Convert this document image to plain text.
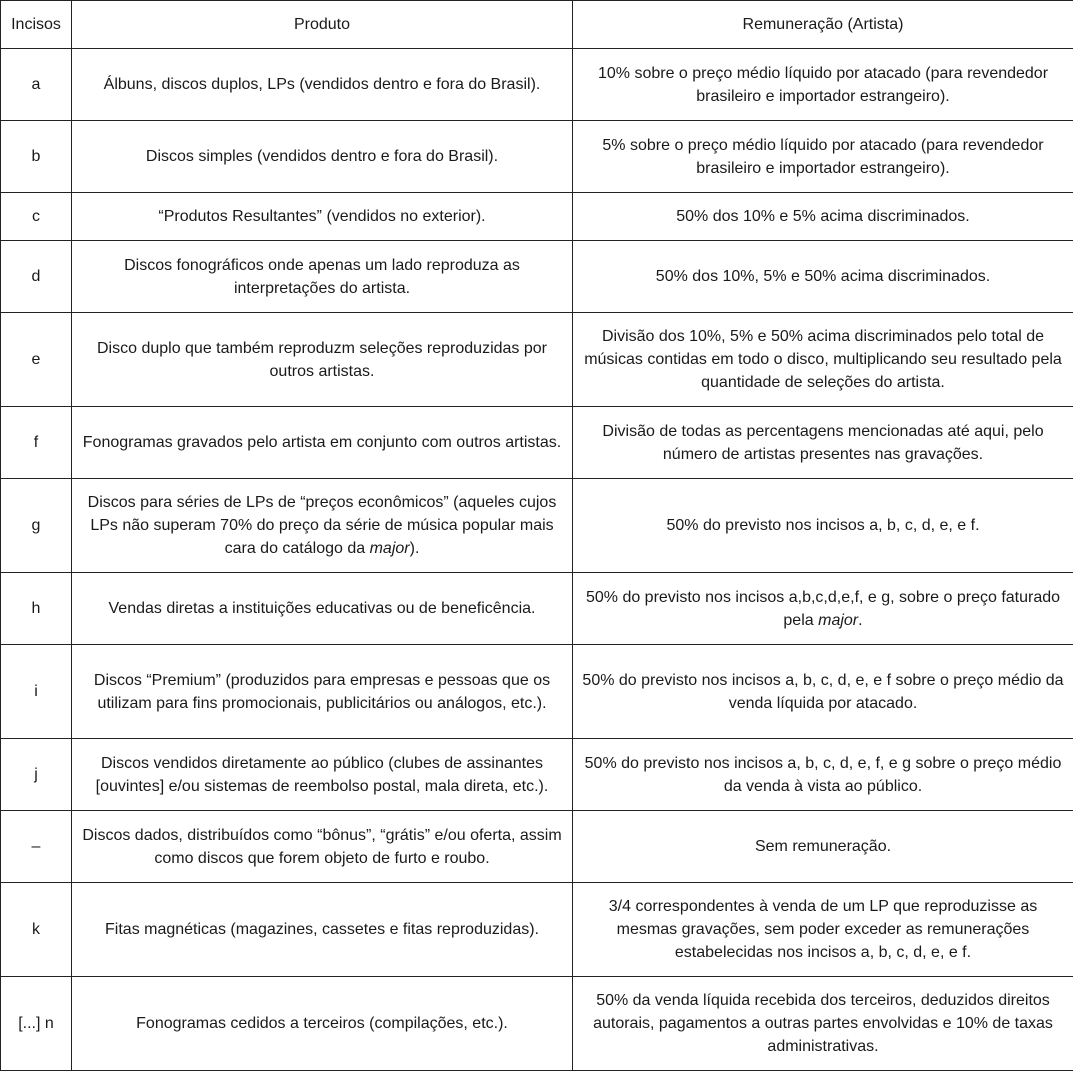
Incisos	Produto	Remuneração (Artista)
a	Álbuns, discos duplos, LPs (vendidos dentro e fora do Brasil).	10% sobre o preço médio líquido por atacado (para revendedor brasileiro e importador estrangeiro).
b	Discos simples (vendidos dentro e fora do Brasil).	5% sobre o preço médio líquido por atacado (para revendedor brasileiro e importador estrangeiro).
c	“Produtos Resultantes” (vendidos no exterior).	50% dos 10% e 5% acima discriminados.
d	Discos fonográficos onde apenas um lado reproduza as interpretações do artista.	50% dos 10%, 5% e 50% acima discriminados.
e	Disco duplo que também reproduzm seleções reproduzidas por outros artistas.	Divisão dos 10%, 5% e 50% acima discriminados pelo total de músicas contidas em todo o disco, multiplicando seu resultado pela quantidade de seleções do artista.
f	Fonogramas gravados pelo artista em conjunto com outros artistas.	Divisão de todas as percentagens mencionadas até aqui, pelo número de artistas presentes nas gravações.
g	Discos para séries de LPs de “preços econômicos” (aqueles cujos LPs não superam 70% do preço da série de música popular mais cara do catálogo da major).	50% do previsto nos incisos a, b, c, d, e, e f.
h	Vendas diretas a instituições educativas ou de beneficência.	50% do previsto nos incisos a,b,c,d,e,f, e g, sobre o preço faturado pela major.
i	Discos “Premium” (produzidos para empresas e pessoas que os utilizam para fins promocionais, publicitários ou análogos, etc.).	50% do previsto nos incisos a, b, c, d, e, e f sobre o preço médio da venda líquida por atacado.
j	Discos vendidos diretamente ao público (clubes de assinantes [ouvintes] e/ou sistemas de reembolso postal, mala direta, etc.).	50% do previsto nos incisos a, b, c, d, e, f, e g sobre o preço médio da venda à vista ao público.
–	Discos dados, distribuídos como “bônus”, “grátis” e/ou oferta, assim como discos que forem objeto de furto e roubo.	Sem remuneração.
k	Fitas magnéticas (magazines, cassetes e fitas reproduzidas).	3/4 correspondentes à venda de um LP que reproduzisse as mesmas gravações, sem poder exceder as remunerações estabelecidas nos incisos a, b, c, d, e, e f.
[...] n	Fonogramas cedidos a terceiros (compilações, etc.).	50% da venda líquida recebida dos terceiros, deduzidos direitos autorais, pagamentos a outras partes envolvidas e 10% de taxas administrativas.
